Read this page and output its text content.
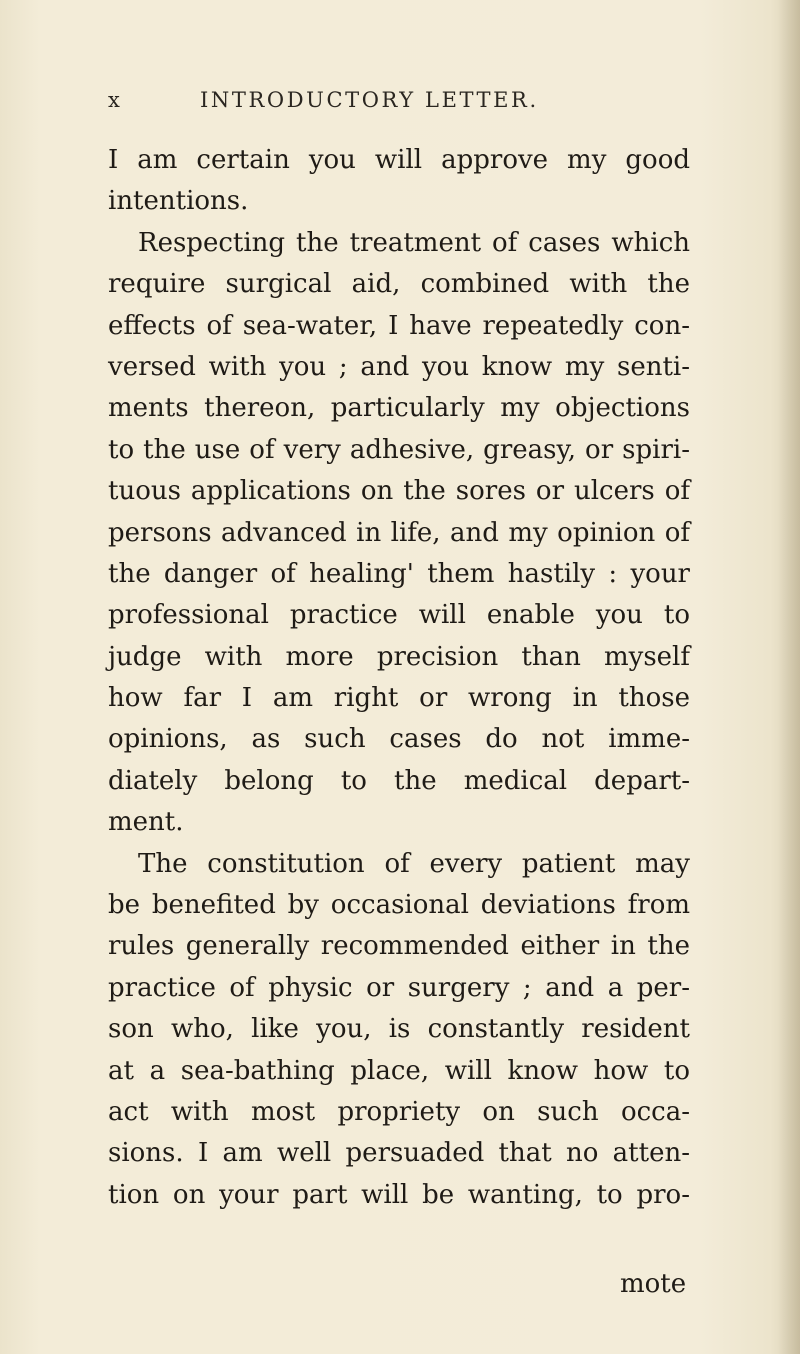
x	INTRODUCTORY LETTER.
I am certain you will approve my good
intentions.
Respecting the treatment of cases which
require surgical aid, combined with the
effects of sea-water, I have repeatedly con-
versed with you ; and you know my senti-
ments thereon, particularly my objections
to the use of very adhesive, greasy, or spiri-
tuous applications on the sores or ulcers of
persons advanced in life, and my opinion of
the danger of healing' them hastily : your
professional practice will enable you to
judge with more precision than myself
how far I am right or wrong in those
opinions, as such cases do not imme-
diately belong to the medical depart-
ment.
The constitution of every patient may
be benefited by occasional deviations from
rules generally recommended either in the
practice of physic or surgery ; and a per-
son who, like you, is constantly resident
at a sea-bathing place, will know how to
act with most propriety on such occa-
sions. I am well persuaded that no atten-
tion on your part will be wanting, to pro-
mote
